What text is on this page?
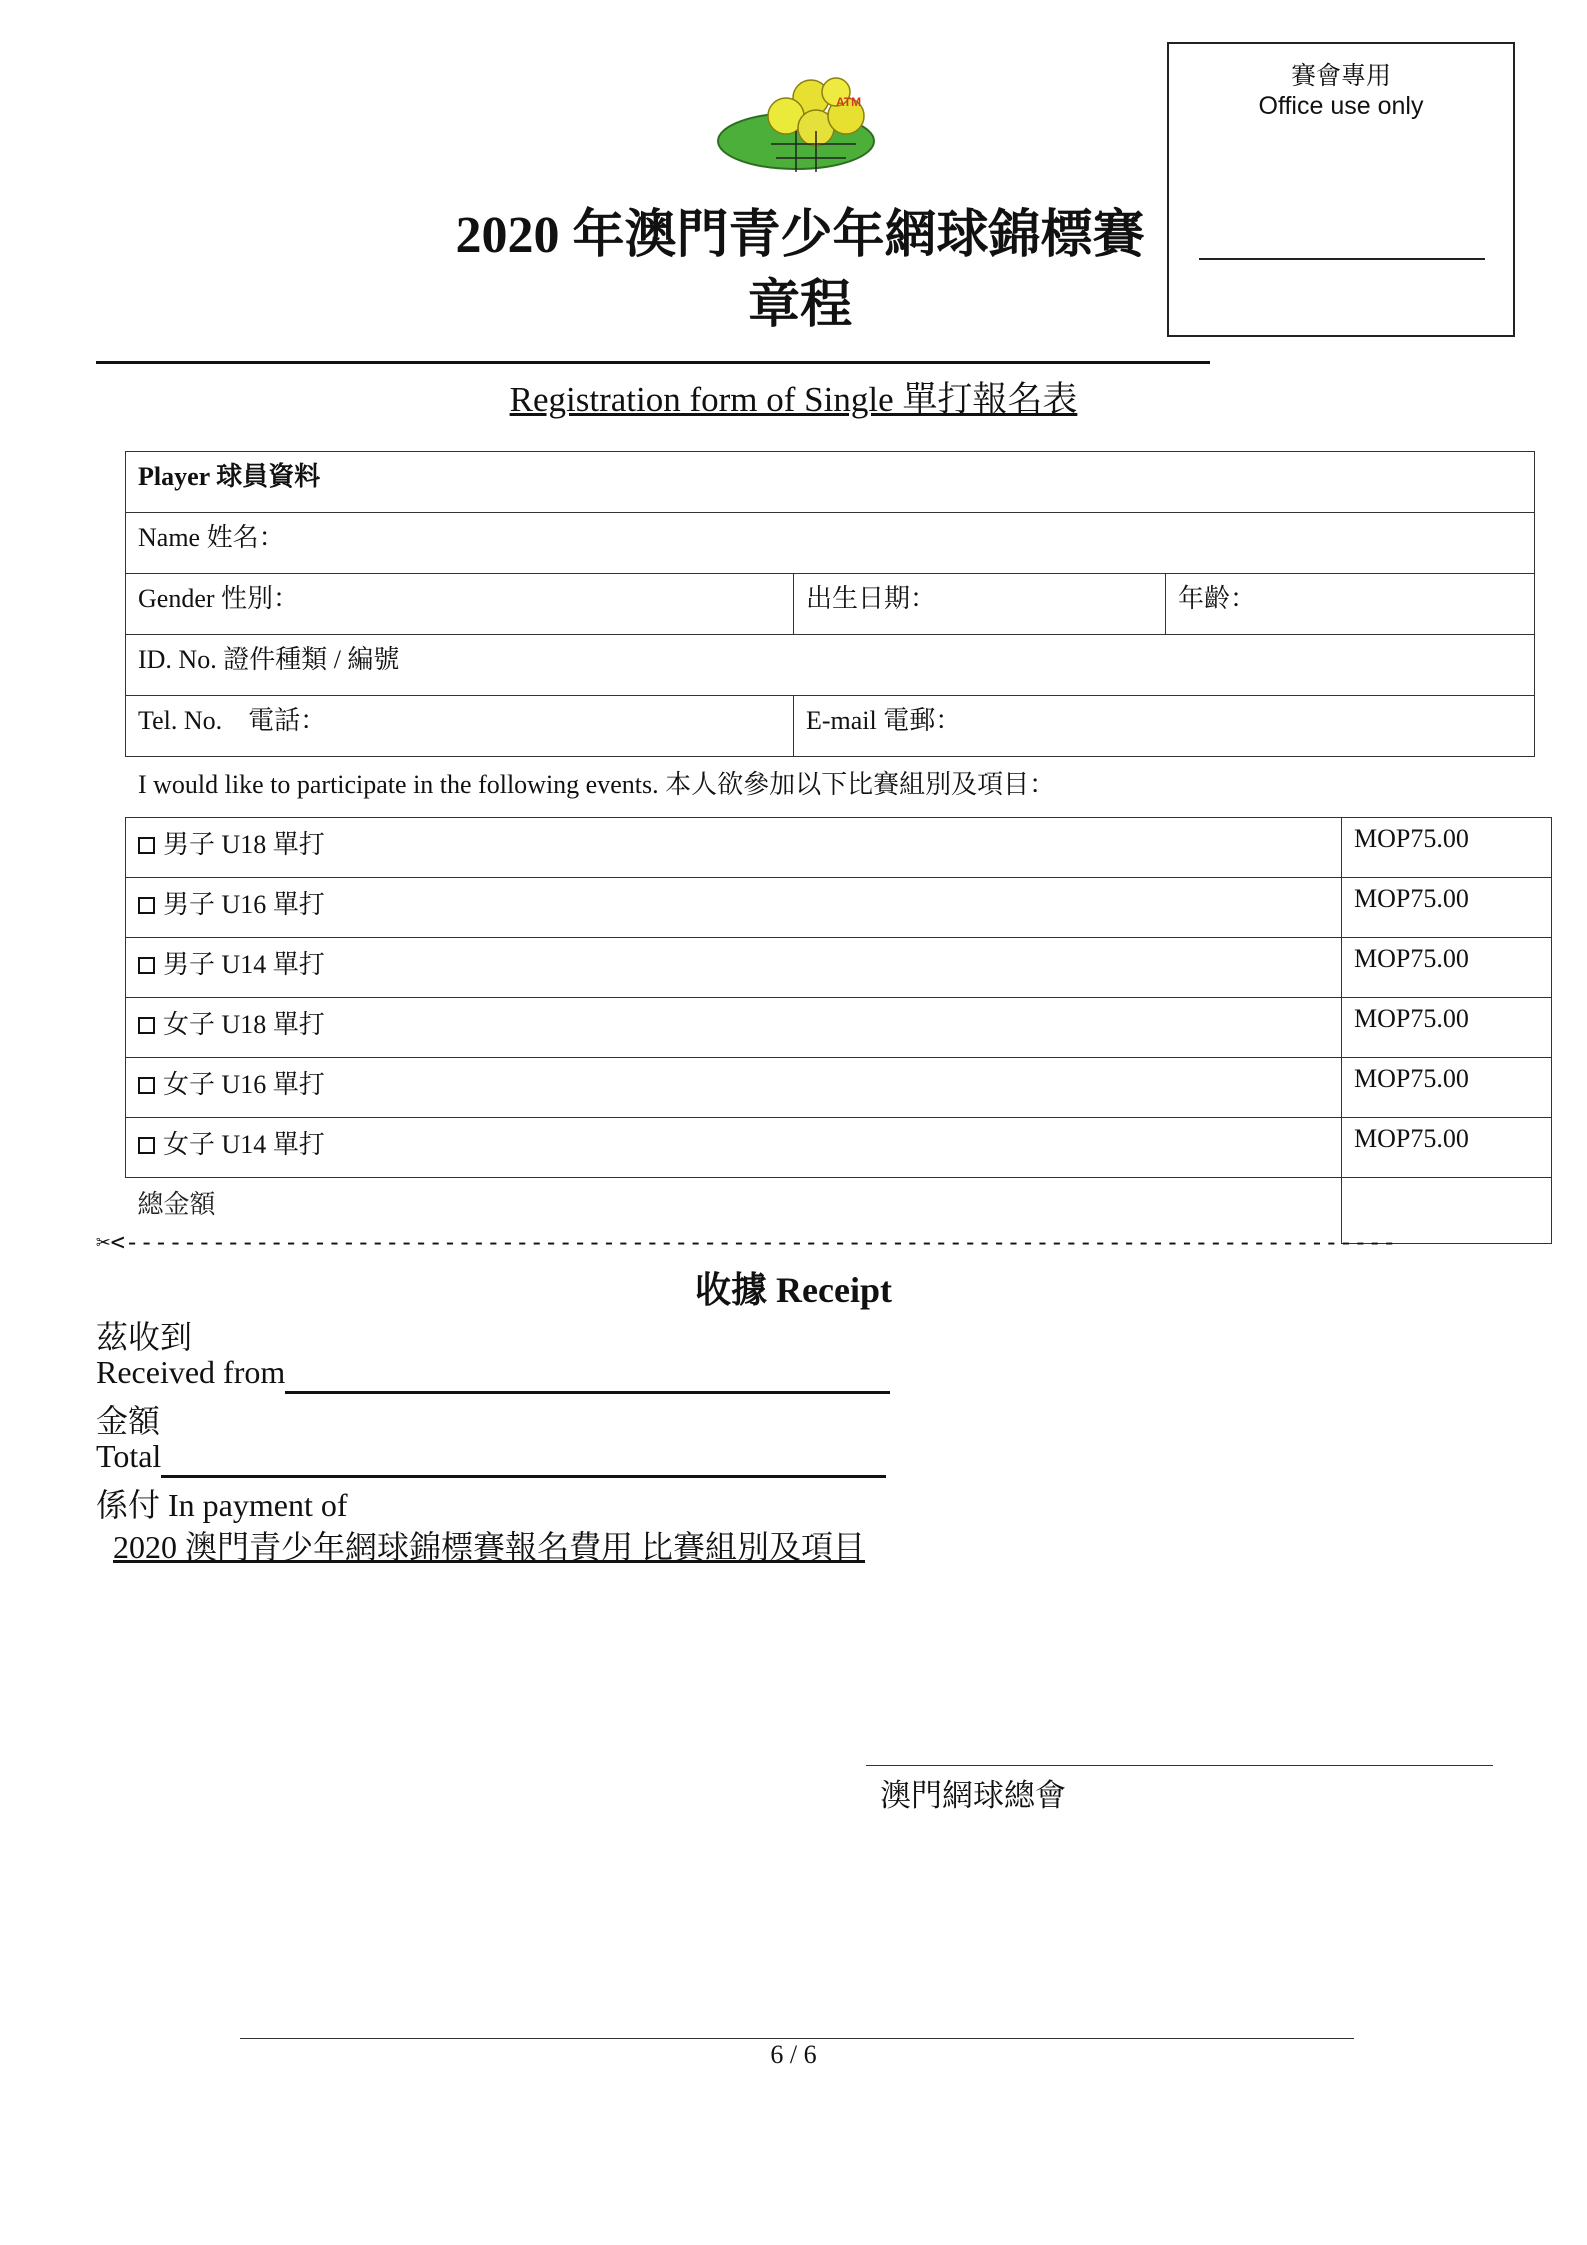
賽會專用
Office use only
ATM
2020 年澳門青少年網球錦標賽
章程
Registration form of Single 單打報名表
Player 球員資料		
Name 姓名：		
Gender 性別：	出生日期：	年齡：
ID. No. 證件種類 / 編號		
Tel. No.　電話：	E-mail 電郵：	
I would like to participate in the following events. 本人欲參加以下比賽組別及項目：
男子 U18 單打	MOP75.00
男子 U16 單打	MOP75.00
男子 U14 單打	MOP75.00
女子 U18 單打	MOP75.00
女子 U16 單打	MOP75.00
女子 U14 單打	MOP75.00
總金額	
✂<----------------------------------------------------------------------------------------
收據 Receipt
茲收到
Received from
金額
Total
係付 In payment of
2020 澳門青少年網球錦標賽報名費用 比賽組別及項目
澳門網球總會
6 / 6
